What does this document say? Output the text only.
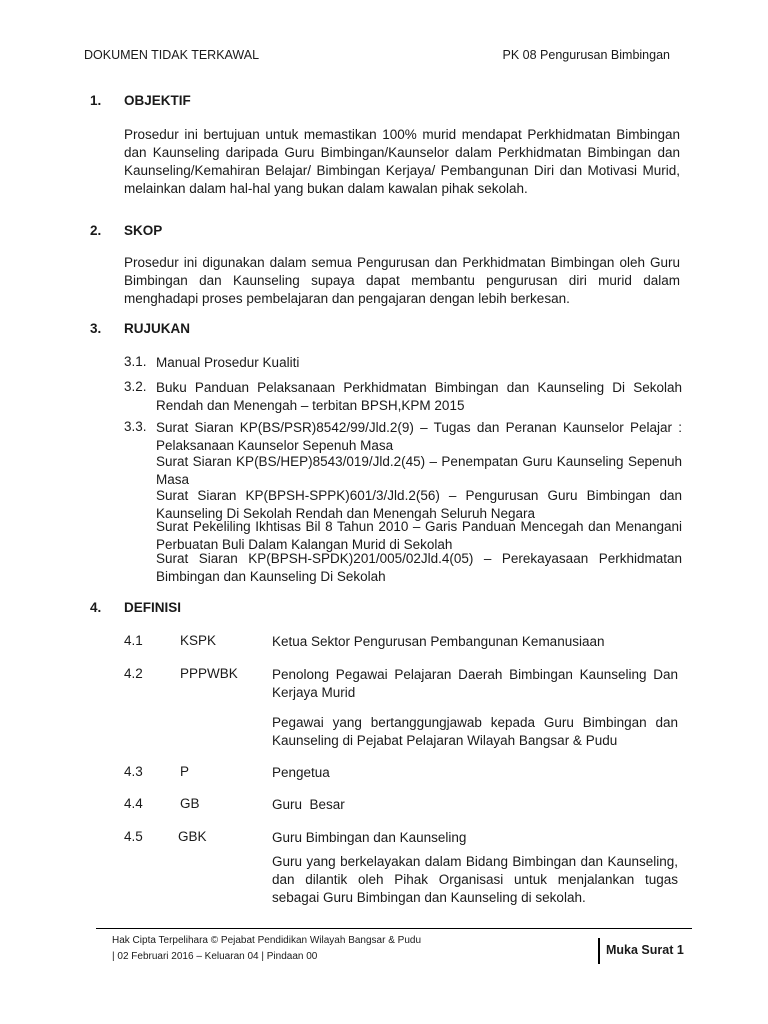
DOKUMEN TIDAK TERKAWAL	PK 08 Pengurusan Bimbingan
1. OBJEKTIF

Prosedur ini bertujuan untuk memastikan 100% murid mendapat Perkhidmatan Bimbingan dan Kaunseling daripada Guru Bimbingan/Kaunselor dalam Perkhidmatan Bimbingan dan Kaunseling/Kemahiran Belajar/ Bimbingan Kerjaya/ Pembangunan Diri dan Motivasi Murid, melainkan dalam hal-hal yang bukan dalam kawalan pihak sekolah.

2. SKOP

Prosedur ini digunakan dalam semua Pengurusan dan Perkhidmatan Bimbingan oleh Guru Bimbingan dan Kaunseling supaya dapat membantu pengurusan diri murid dalam menghadapi proses pembelajaran dan pengajaran dengan lebih berkesan.

3. RUJUKAN
3.1. Manual Prosedur Kualiti

3.2. Buku Panduan Pelaksanaan Perkhidmatan Bimbingan dan Kaunseling Di Sekolah Rendah dan Menengah – terbitan BPSH,KPM 2015

3.3. Surat Siaran KP(BS/PSR)8542/99/Jld.2(9) – Tugas dan Peranan Kaunselor Pelajar : Pelaksanaan Kaunselor Sepenuh Masa

Surat Siaran KP(BS/HEP)8543/019/Jld.2(45) – Penempatan Guru Kaunseling Sepenuh Masa

Surat Siaran KP(BPSH-SPPK)601/3/Jld.2(56) – Pengurusan Guru Bimbingan dan Kaunseling Di Sekolah Rendah dan Menengah Seluruh Negara

Surat Pekeliling Ikhtisas Bil 8 Tahun 2010 – Garis Panduan Mencegah dan Menangani Perbuatan Buli Dalam Kalangan Murid di Sekolah

Surat Siaran KP(BPSH-SPDK)201/005/02Jld.4(05) – Perekayasaan Perkhidmatan Bimbingan dan Kaunseling Di Sekolah

4. DEFINISI
4.1	KSPK	Ketua Sektor Pengurusan Pembangunan Kemanusiaan

4.2	PPPWBK	Penolong Pegawai Pelajaran Daerah Bimbingan Kaunseling Dan Kerjaya Murid

Pegawai yang bertanggungjawab kepada Guru Bimbingan dan Kaunseling di Pejabat Pelajaran Wilayah Bangsar & Pudu

4.3	P	Pengetua

4.4	GB	Guru  Besar

4.5	GBK	Guru Bimbingan dan Kaunseling

Guru yang berkelayakan dalam Bidang Bimbingan dan Kaunseling, dan dilantik oleh Pihak Organisasi untuk menjalankan tugas sebagai Guru Bimbingan dan Kaunseling di sekolah.

Hak Cipta Terpelihara © Pejabat Pendidikan Wilayah Bangsar & Pudu
| 02 Februari 2016 – Keluaran 04 | Pindaan 00	Muka Surat 1
